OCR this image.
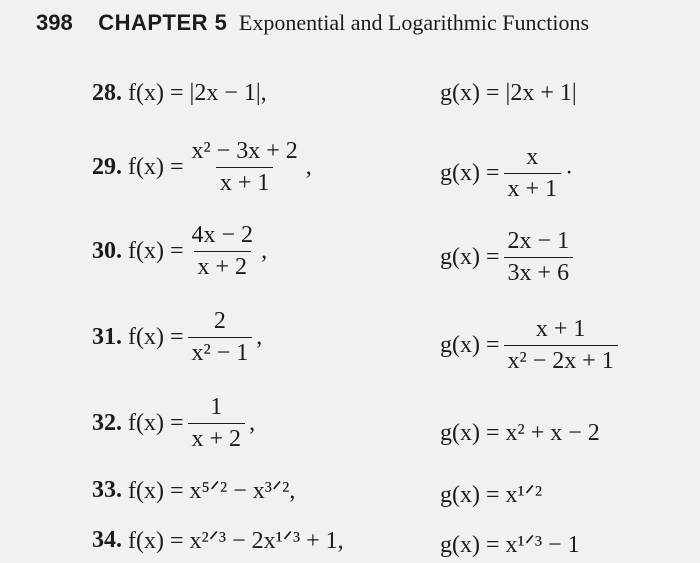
398 CHAPTER 5 Exponential and Logarithmic Functions
28.
f(x) = |2x − 1|,	g(x) = |2x + 1|
29.
$f(x) = \frac{\text{x² − 3x + 2}}{x + 1}$ ,	$g(x) = \frac{x}{x + 1}$ ·
30.
$f(x) = \frac{4x - 2}{x + 2}$ ,	$g(x) = \frac{2x - 1}{3x + 6}$
31.
$f(x) = \frac{2}{\text{x² − 1}}$ ,	$g(x) = \frac{x + 1}{\text{x² − 2x + 1}}$
32.
$f(x) = \frac{1}{x + 2}$ ,	g(x) = x² + x − 2
33.
f(x) = x⁵ᐟ² − x³ᐟ²,	g(x) = x¹ᐟ²
34.
f(x) = x²ᐟ³ − 2x¹ᐟ³ + 1,	g(x) = x¹ᐟ³ − 1
